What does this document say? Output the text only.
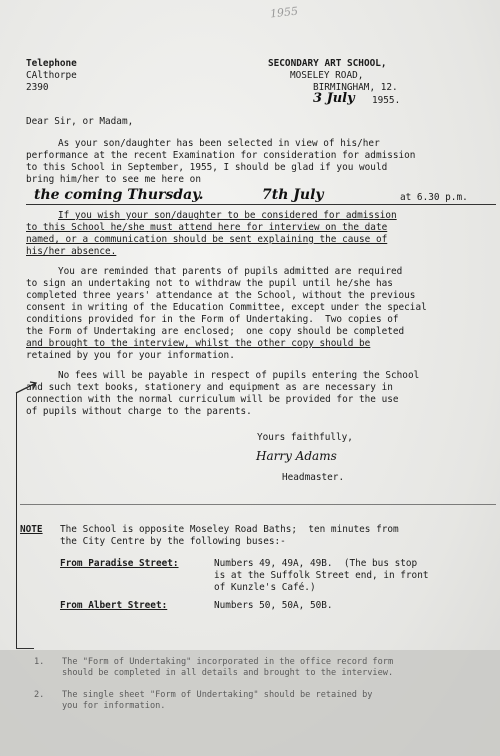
1955
Telephone
CAlthorpe
2390
SECONDARY ART SCHOOL,
MOSELEY ROAD,
BIRMINGHAM, 12.
3 July 1955.
Dear Sir, or Madam,
As your son/daughter has been selected in view of his/her
performance at the recent Examination for consideration for admission
to this School in September, 1955, I should be glad if you would
bring him/her to see me here on
the coming Thursday.	7th July	at 6.30 p.m.
If you wish your son/daughter to be considered for admission
to this School he/she must attend here for interview on the date
named, or a communication should be sent explaining the cause of
his/her absence.
You are reminded that parents of pupils admitted are required
to sign an undertaking not to withdraw the pupil until he/she has
completed three years' attendance at the School, without the previous
consent in writing of the Education Committee, except under the special
conditions provided for in the Form of Undertaking.  Two copies of
the Form of Undertaking are enclosed;  one copy should be completed
and brought to the interview, whilst the other copy should be
retained by you for your information.
No fees will be payable in respect of pupils entering the School
and such text books, stationery and equipment as are necessary in
connection with the normal curriculum will be provided for the use
of pupils without charge to the parents.
Yours faithfully,
Harry Adams
Headmaster.
NOTE The School is opposite Moseley Road Baths;  ten minutes from
the City Centre by the following buses:-
From Paradise Street:	Numbers 49, 49A, 49B.  (The bus stop
is at the Suffolk Street end, in front
of Kunzle's Café.)
From Albert Street:	Numbers 50, 50A, 50B.
1. The "Form of Undertaking" incorporated in the office record form
should be completed in all details and brought to the interview.
2. The single sheet "Form of Undertaking" should be retained by
you for information.
